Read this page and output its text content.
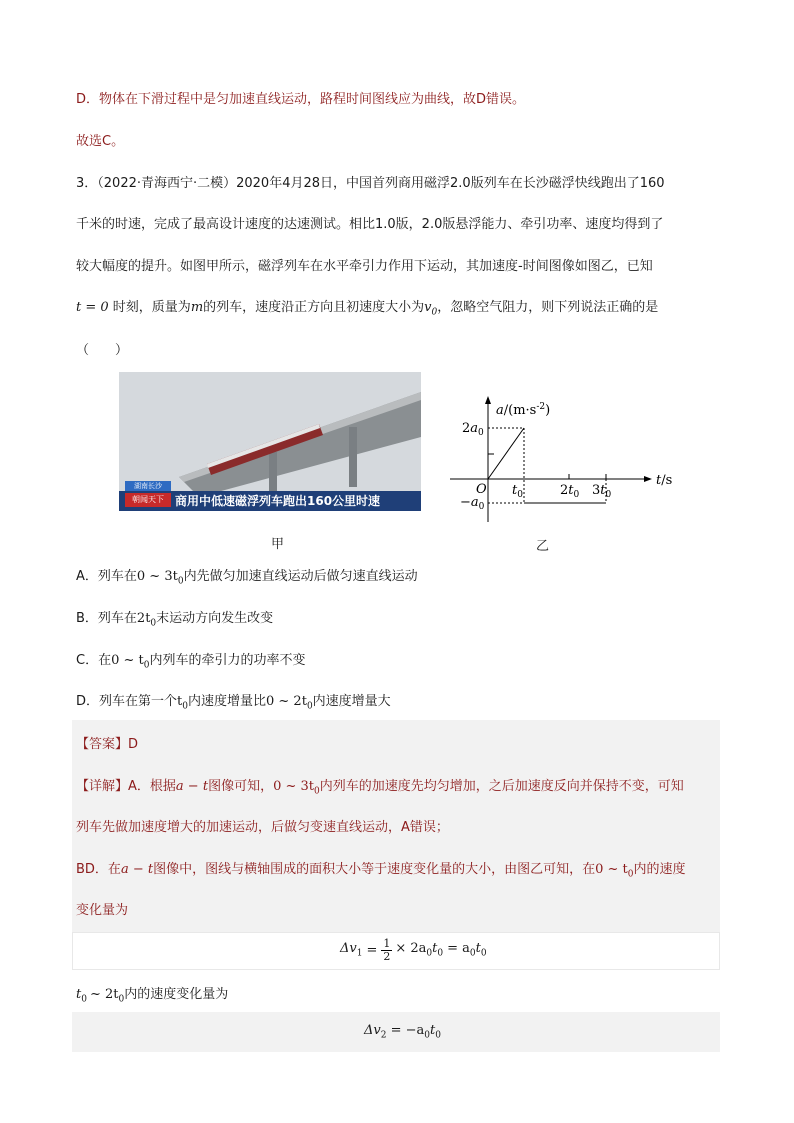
D．物体在下滑过程中是匀加速直线运动，路程时间图线应为曲线，故D错误。
故选C。
3．（2022·青海西宁·二模）2020年4月28日，中国首列商用磁浮2.0版列车在长沙磁浮快线跑出了160
千米的时速，完成了最高设计速度的达速测试。相比1.0版，2.0版悬浮能力、牵引功率、速度均得到了
较大幅度的提升。如图甲所示，磁浮列车在水平牵引力作用下运动，其加速度-时间图像如图乙，已知
t = 0 时刻，质量为m的列车，速度沿正方向且初速度大小为$v_0$，忽略空气阻力，则下列说法正确的是
（　　）
湖南长沙
朝闻天下 商用中低速磁浮列车跑出160公里时速
$a/(m\cdot s^{-2})$
t/s
$2a_0$
$-a_0$
O $t_0$	$2t_0$ $3t_0$
甲	乙
A．列车在0 ~ $3t_0$内先做匀加速直线运动后做匀速直线运动
B．列车在$2t_0$末运动方向发生改变
C．在0 ~ $t_0$内列车的牵引力的功率不变
D．列车在第一个$t_0$内速度增量比0 ~ $2t_0$内速度增量大
【答案】D
【详解】A．根据a − t图像可知，0 ~ $3t_0$内列车的加速度先均匀增加，之后加速度反向并保持不变，可知
列车先做加速度增大的加速运动，后做匀变速直线运动，A错误；
BD．在a − t图像中，图线与横轴围成的面积大小等于速度变化量的大小，由图乙可知，在0 ~ $t_0$内的速度
变化量为
$\Delta v_1 = \frac{1}{2} \times 2a_0t_0 = a_0t_0$
$t_0$ ~ $2t_0$内的速度变化量为
$\Delta v_2 = -a_0t_0$
